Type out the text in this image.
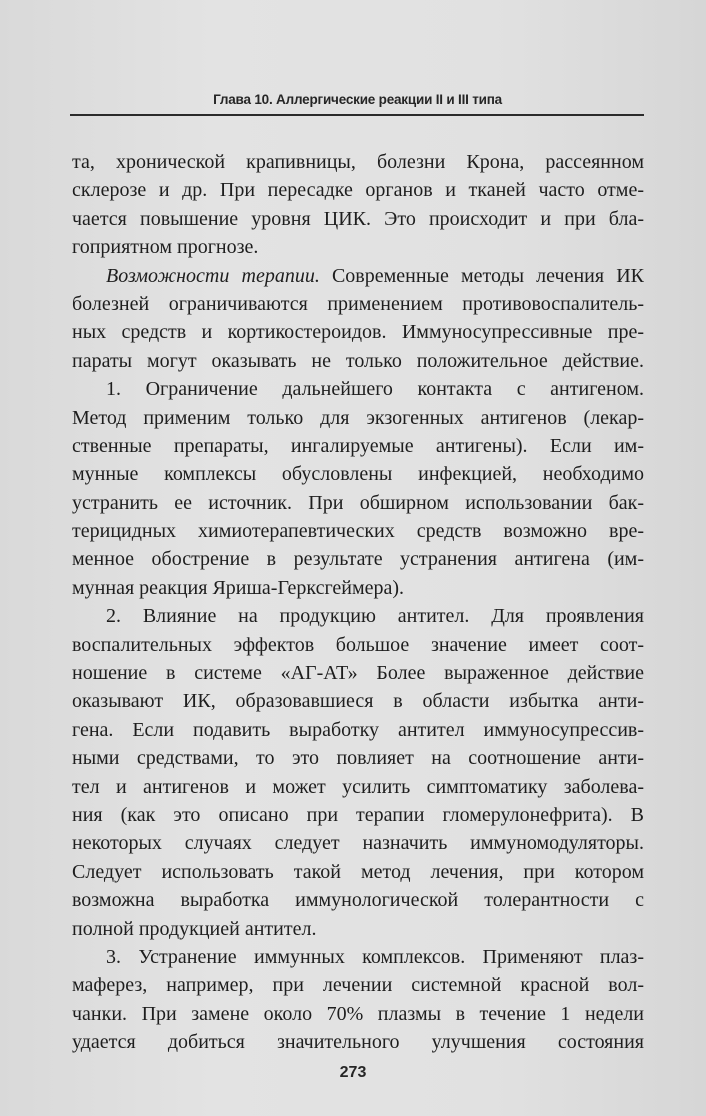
Глава 10. Аллергические реакции II и III типа
та, хронической крапивницы, болезни Крона, рассеянном
склерозе и др. При пересадке органов и тканей часто отме-
чается повышение уровня ЦИК. Это происходит и при бла-
гоприятном прогнозе.
Возможности терапии. Современные методы лечения ИК
болезней ограничиваются применением противовоспалитель-
ных средств и кортикостероидов. Иммуносупрессивные пре-
параты могут оказывать не только положительное действие.
1. Ограничение дальнейшего контакта с антигеном.
Метод применим только для экзогенных антигенов (лекар-
ственные препараты, ингалируемые антигены). Если им-
мунные комплексы обусловлены инфекцией, необходимо
устранить ее источник. При обширном использовании бак-
терицидных химиотерапевтических средств возможно вре-
менное обострение в результате устранения антигена (им-
мунная реакция Яриша-Герксгеймера).
2. Влияние на продукцию антител. Для проявления
воспалительных эффектов большое значение имеет соот-
ношение в системе «АГ-АТ» Более выраженное действие
оказывают ИК, образовавшиеся в области избытка анти-
гена. Если подавить выработку антител иммуносупрессив-
ными средствами, то это повлияет на соотношение анти-
тел и антигенов и может усилить симптоматику заболева-
ния (как это описано при терапии гломерулонефрита). В
некоторых случаях следует назначить иммуномодуляторы.
Следует использовать такой метод лечения, при котором
возможна выработка иммунологической толерантности с
полной продукцией антител.
3. Устранение иммунных комплексов. Применяют плаз-
маферез, например, при лечении системной красной вол-
чанки. При замене около 70% плазмы в течение 1 недели
удается добиться значительного улучшения состояния
273
